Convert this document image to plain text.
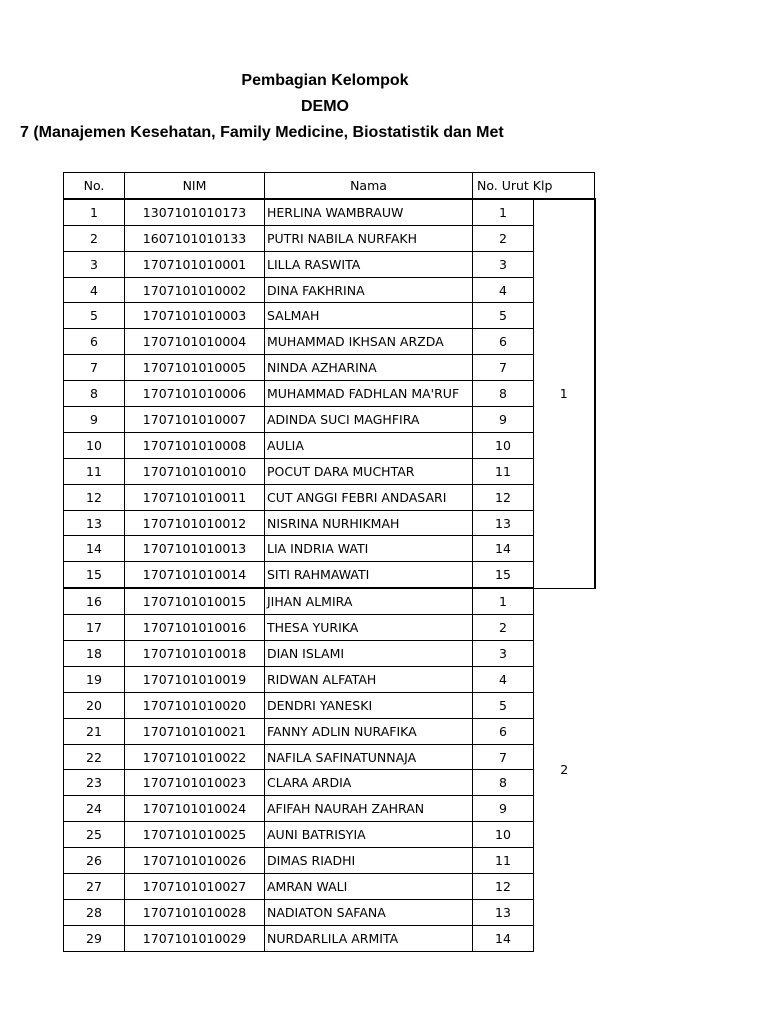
Pembagian Kelompok
DEMO
7 (Manajemen Kesehatan, Family Medicine, Biostatistik dan Met
No.	NIM	Nama	No. Urut Klp	
1	1307101010173	HERLINA WAMBRAUW	1	1
2	1607101010133	PUTRI NABILA NURFAKH	2	
3	1707101010001	LILLA RASWITA	3	
4	1707101010002	DINA FAKHRINA	4	
5	1707101010003	SALMAH	5	
6	1707101010004	MUHAMMAD IKHSAN ARZDA	6	
7	1707101010005	NINDA AZHARINA	7	
8	1707101010006	MUHAMMAD FADHLAN MA'RUF	8	
9	1707101010007	ADINDA SUCI MAGHFIRA	9	
10	1707101010008	AULIA	10	
11	1707101010010	POCUT DARA MUCHTAR	11	
12	1707101010011	CUT ANGGI FEBRI ANDASARI	12	
13	1707101010012	NISRINA NURHIKMAH	13	
14	1707101010013	LIA INDRIA WATI	14	
15	1707101010014	SITI RAHMAWATI	15	
16	1707101010015	JIHAN ALMIRA	1	2
17	1707101010016	THESA YURIKA	2	
18	1707101010018	DIAN ISLAMI	3	
19	1707101010019	RIDWAN ALFATAH	4	
20	1707101010020	DENDRI YANESKI	5	
21	1707101010021	FANNY ADLIN NURAFIKA	6	
22	1707101010022	NAFILA SAFINATUNNAJA	7	
23	1707101010023	CLARA ARDIA	8	
24	1707101010024	AFIFAH NAURAH ZAHRAN	9	
25	1707101010025	AUNI BATRISYIA	10	
26	1707101010026	DIMAS RIADHI	11	
27	1707101010027	AMRAN WALI	12	
28	1707101010028	NADIATON SAFANA	13	
29	1707101010029	NURDARLILA ARMITA	14	
